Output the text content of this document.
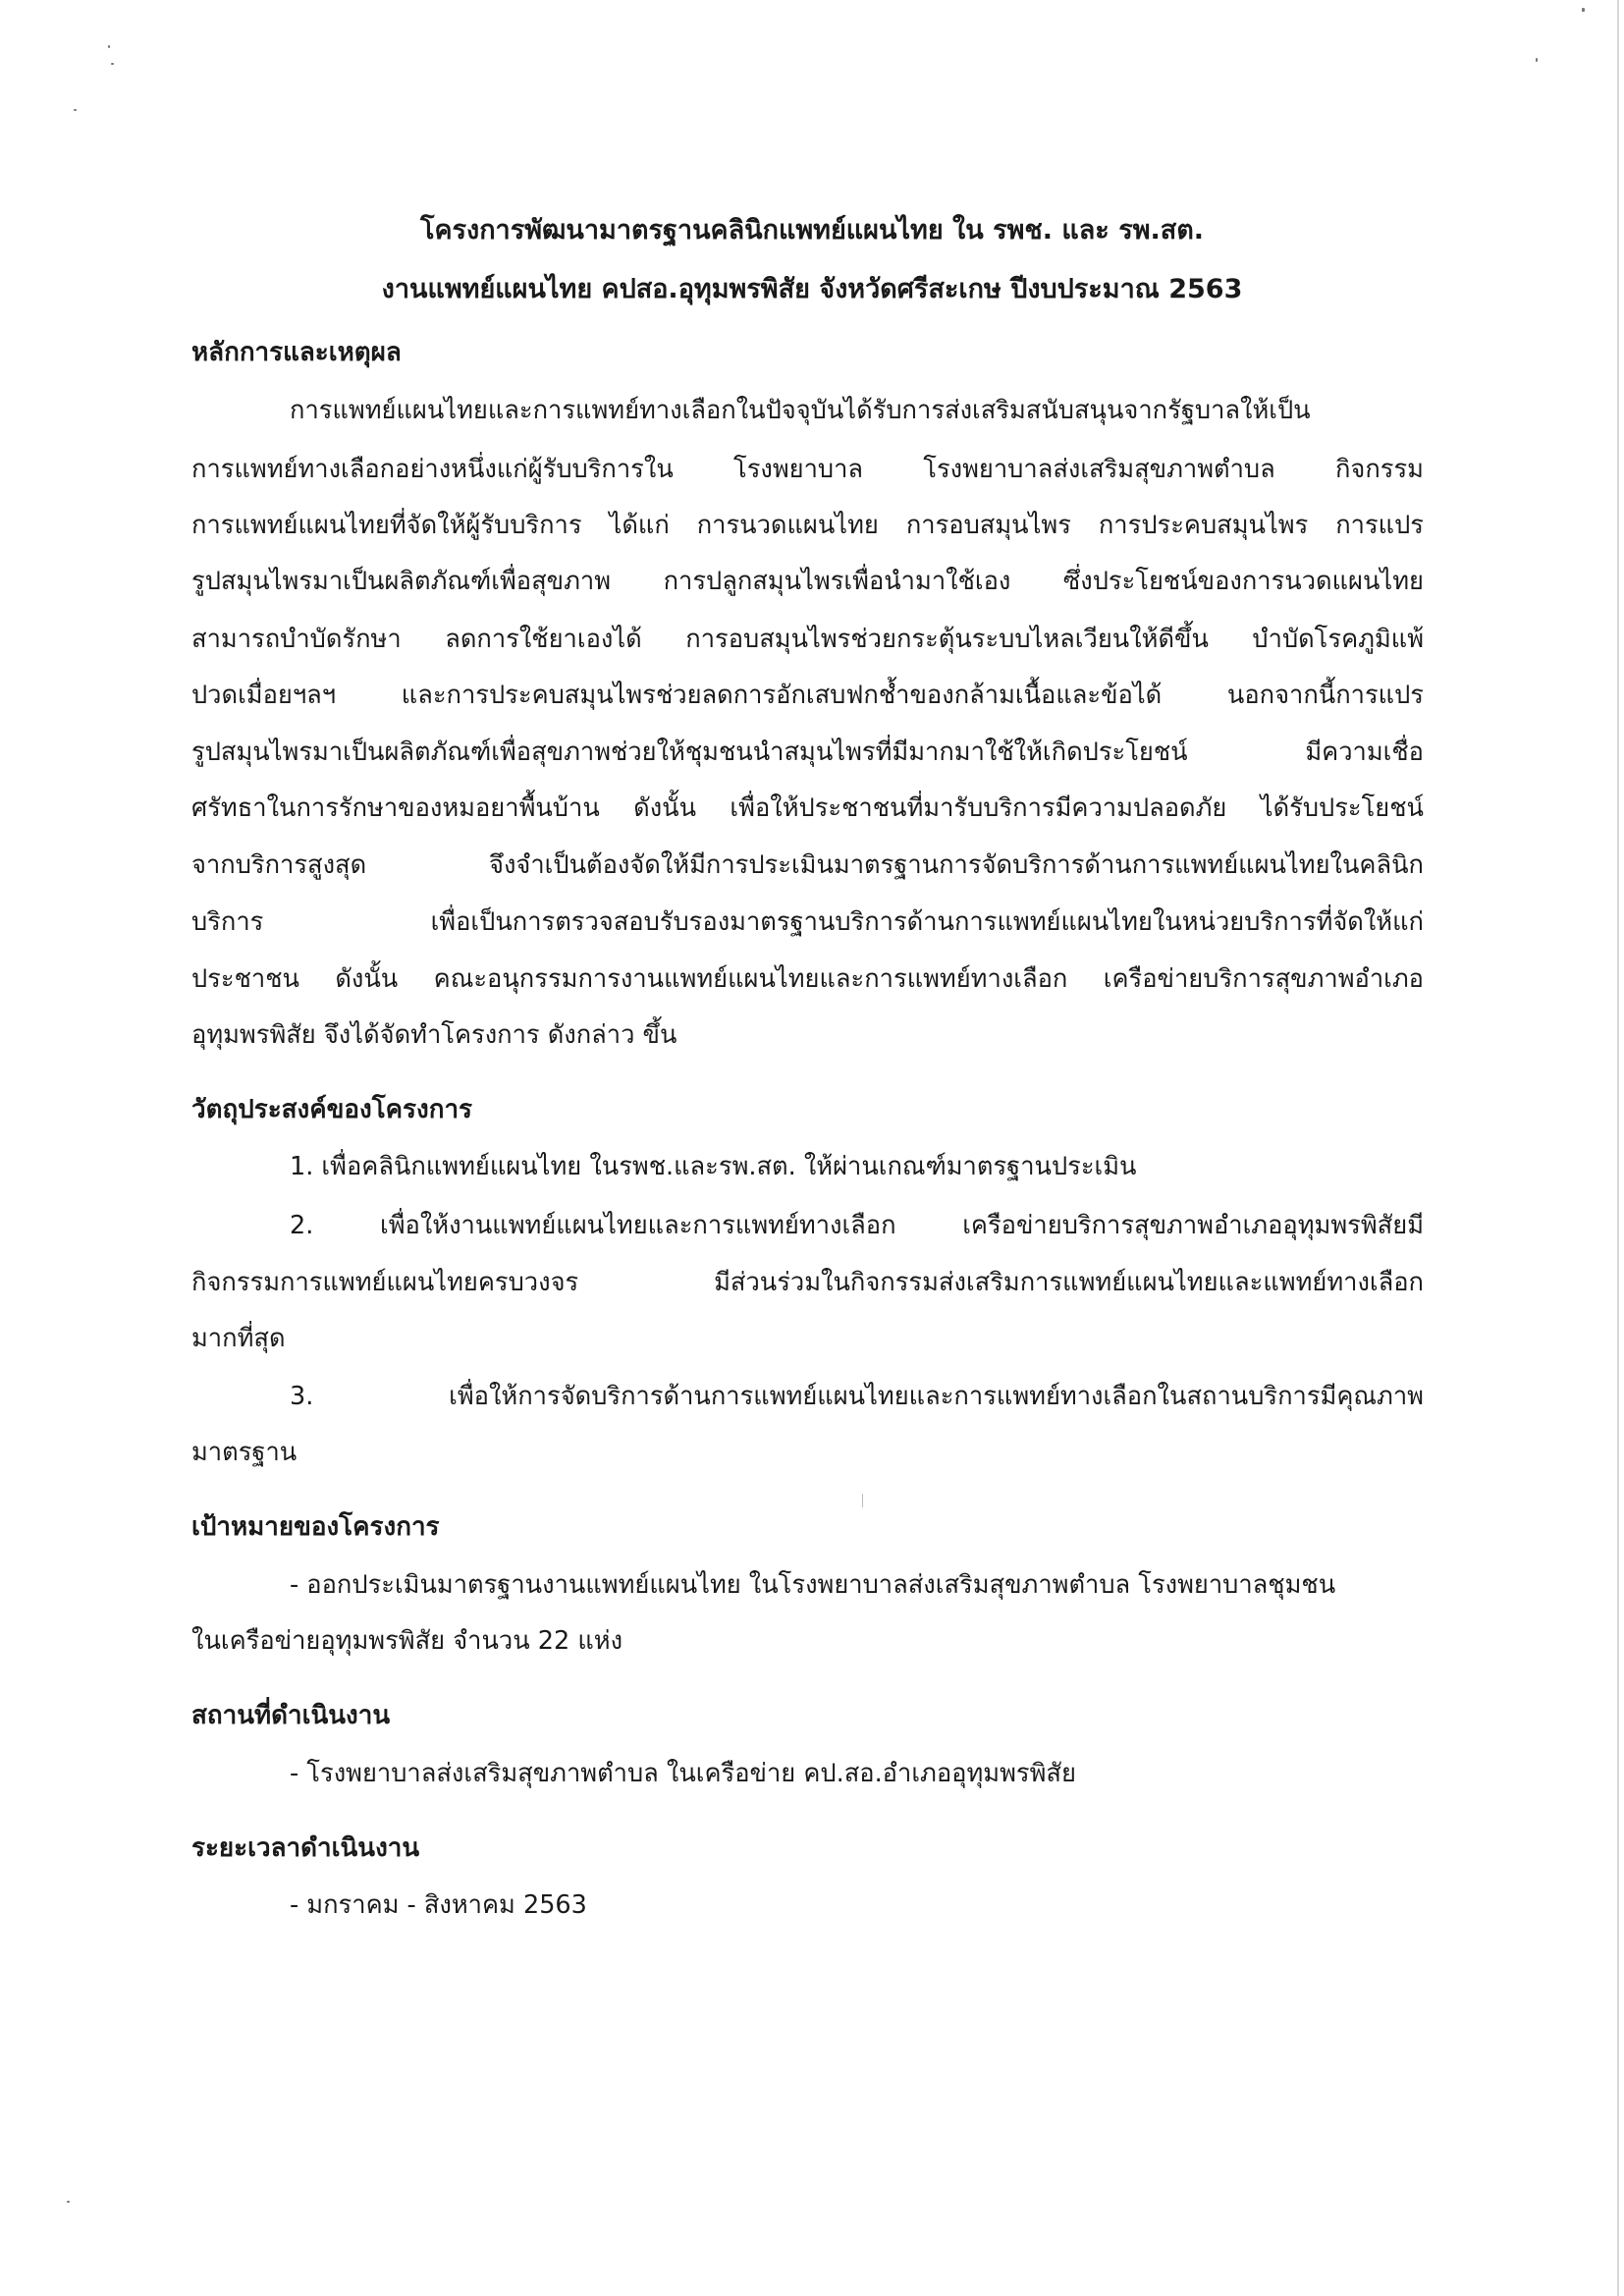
โครงการพัฒนามาตรฐานคลินิกแพทย์แผนไทย ใน รพช. และ รพ.สต.
งานแพทย์แผนไทย คปสอ.อุทุมพรพิสัย จังหวัดศรีสะเกษ ปีงบประมาณ 2563
หลักการและเหตุผล
การแพทย์แผนไทยและการแพทย์ทางเลือกในปัจจุบันได้รับการส่งเสริมสนับสนุนจากรัฐบาลให้เป็น
การแพทย์ทางเลือกอย่างหนึ่งแก่ผู้รับบริการใน โรงพยาบาล โรงพยาบาลส่งเสริมสุขภาพตำบล กิจกรรม
การแพทย์แผนไทยที่จัดให้ผู้รับบริการ ได้แก่ การนวดแผนไทย การอบสมุนไพร การประคบสมุนไพร การแปร
รูปสมุนไพรมาเป็นผลิตภัณฑ์เพื่อสุขภาพ การปลูกสมุนไพรเพื่อนำมาใช้เอง ซึ่งประโยชน์ของการนวดแผนไทย
สามารถบำบัดรักษา ลดการใช้ยาเองได้ การอบสมุนไพรช่วยกระตุ้นระบบไหลเวียนให้ดีขึ้น บำบัดโรคภูมิแพ้
ปวดเมื่อยฯลฯ และการประคบสมุนไพรช่วยลดการอักเสบฟกช้ำของกล้ามเนื้อและข้อได้ นอกจากนี้การแปร
รูปสมุนไพรมาเป็นผลิตภัณฑ์เพื่อสุขภาพช่วยให้ชุมชนนำสมุนไพรที่มีมากมาใช้ให้เกิดประโยชน์ มีความเชื่อ
ศรัทธาในการรักษาของหมอยาพื้นบ้าน ดังนั้น เพื่อให้ประชาชนที่มารับบริการมีความปลอดภัย ได้รับประโยชน์
จากบริการสูงสุด จึงจำเป็นต้องจัดให้มีการประเมินมาตรฐานการจัดบริการด้านการแพทย์แผนไทยในคลินิก
บริการ เพื่อเป็นการตรวจสอบรับรองมาตรฐานบริการด้านการแพทย์แผนไทยในหน่วยบริการที่จัดให้แก่
ประชาชน ดังนั้น คณะอนุกรรมการงานแพทย์แผนไทยและการแพทย์ทางเลือก เครือข่ายบริการสุขภาพอำเภอ
อุทุมพรพิสัย จึงได้จัดทำโครงการ ดังกล่าว ขึ้น
วัตถุประสงค์ของโครงการ
1. เพื่อคลินิกแพทย์แผนไทย ในรพช.และรพ.สต. ให้ผ่านเกณฑ์มาตรฐานประเมิน
2. เพื่อให้งานแพทย์แผนไทยและการแพทย์ทางเลือก เครือข่ายบริการสุขภาพอำเภออุทุมพรพิสัยมี
กิจกรรมการแพทย์แผนไทยครบวงจร มีส่วนร่วมในกิจกรรมส่งเสริมการแพทย์แผนไทยและแพทย์ทางเลือก
มากที่สุด
3. เพื่อให้การจัดบริการด้านการแพทย์แผนไทยและการแพทย์ทางเลือกในสถานบริการมีคุณภาพ
มาตรฐาน
เป้าหมายของโครงการ
- ออกประเมินมาตรฐานงานแพทย์แผนไทย ในโรงพยาบาลส่งเสริมสุขภาพตำบล โรงพยาบาลชุมชน
ในเครือข่ายอุทุมพรพิสัย จำนวน 22 แห่ง
สถานที่ดำเนินงาน
- โรงพยาบาลส่งเสริมสุขภาพตำบล ในเครือข่าย คป.สอ.อำเภออุทุมพรพิสัย
ระยะเวลาดำเนินงาน
- มกราคม - สิงหาคม 2563
